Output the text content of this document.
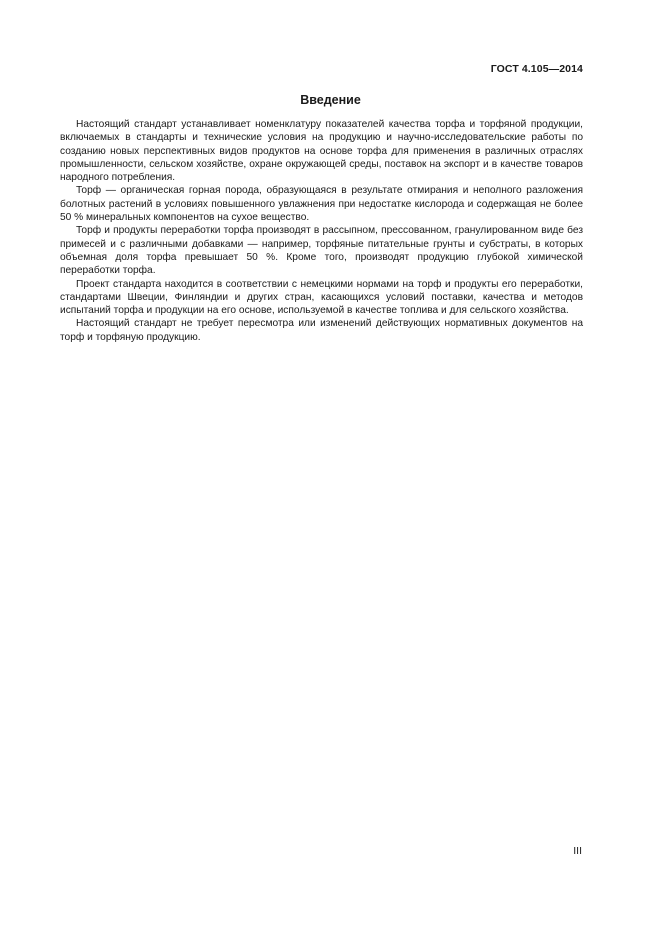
ГОСТ 4.105—2014
Введение

Настоящий стандарт устанавливает номенклатуру показателей качества торфа и торфяной продукции, включаемых в стандарты и технические условия на продукцию и научно-исследовательские работы по созданию новых перспективных видов продуктов на основе торфа для применения в различных отраслях промышленности, сельском хозяйстве, охране окружающей среды, поставок на экспорт и в качестве товаров народного потребления.

Торф — органическая горная порода, образующаяся в результате отмирания и неполного разложения болотных растений в условиях повышенного увлажнения при недостатке кислорода и содержащая не более 50 % минеральных компонентов на сухое вещество.

Торф и продукты переработки торфа производят в рассыпном, прессованном, гранулированном виде без примесей и с различными добавками — например, торфяные питательные грунты и субстраты, в которых объемная доля торфа превышает 50 %. Кроме того, производят продукцию глубокой химической переработки торфа.

Проект стандарта находится в соответствии с немецкими нормами на торф и продукты его переработки, стандартами Швеции, Финляндии и других стран, касающихся условий поставки, качества и методов испытаний торфа и продукции на его основе, используемой в качестве топлива и для сельского хозяйства.

Настоящий стандарт не требует пересмотра или изменений действующих нормативных документов на торф и торфяную продукцию.

III
